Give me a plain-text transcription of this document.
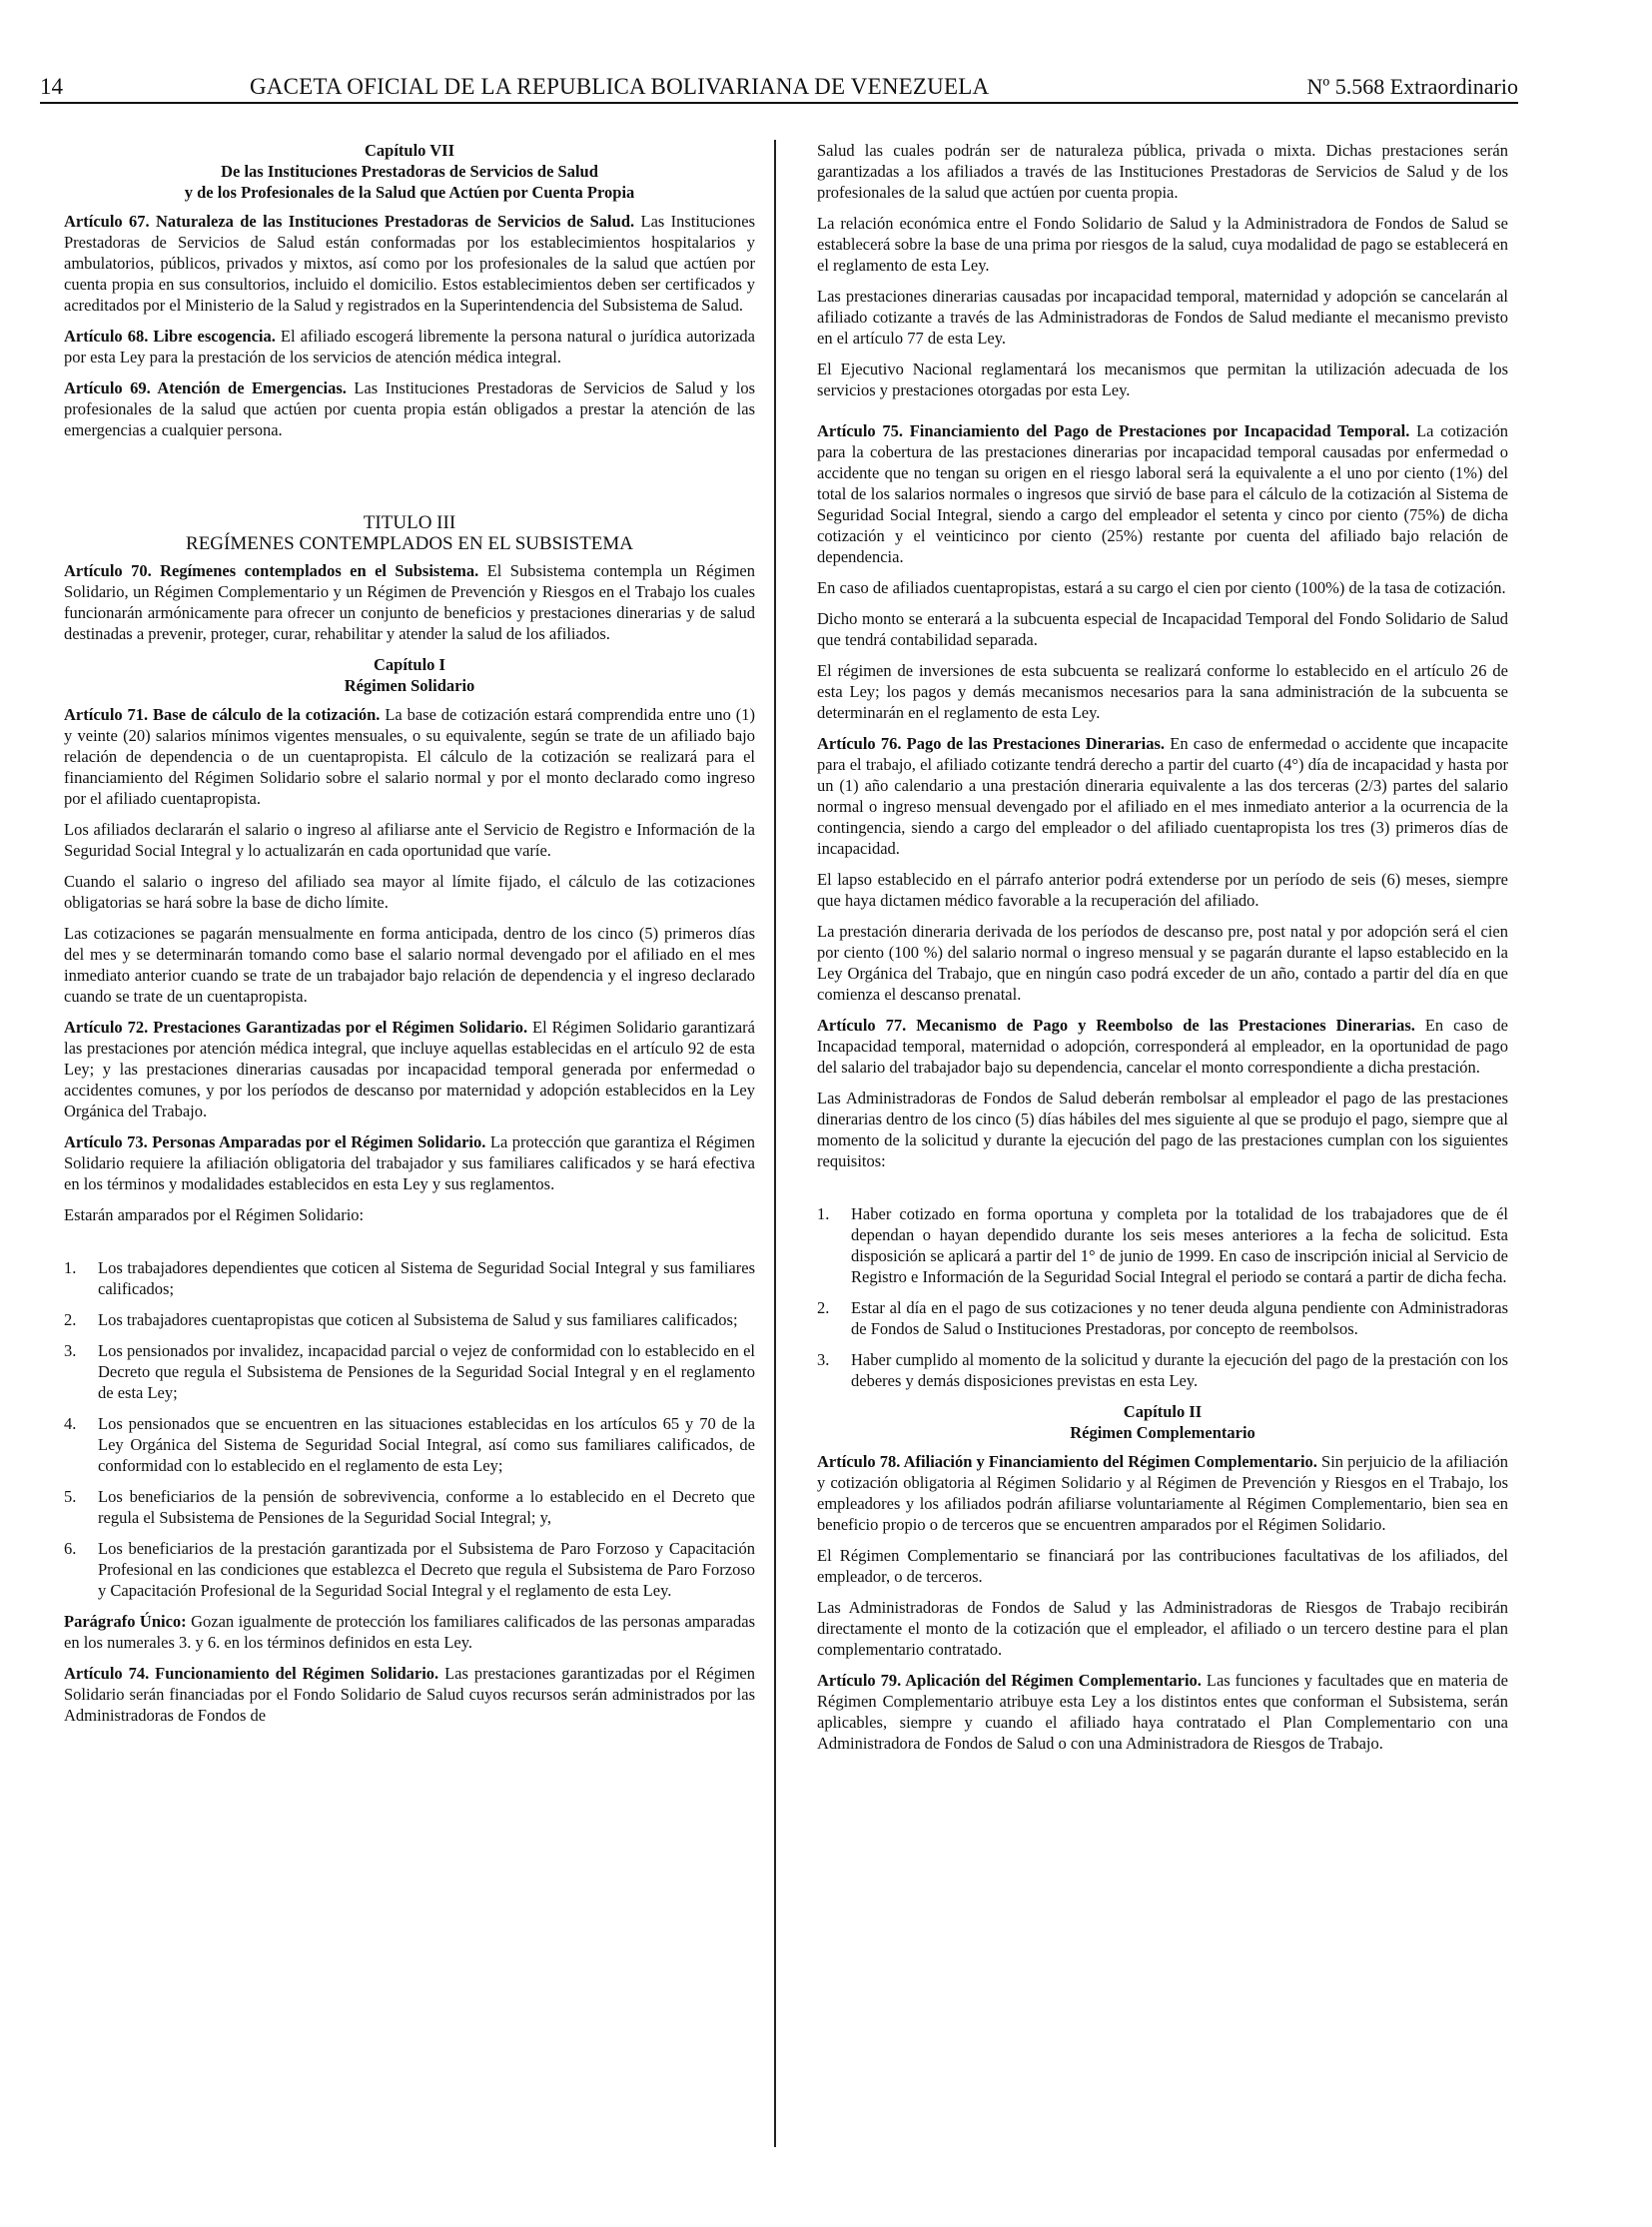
14	GACETA OFICIAL DE LA REPUBLICA BOLIVARIANA DE VENEZUELA	Nº 5.568 Extraordinario

Capítulo VII

De las Instituciones Prestadoras de Servicios de Salud

y de los Profesionales de la Salud que Actúen por Cuenta Propia

Artículo 67. Naturaleza de las Instituciones Prestadoras de Servicios de Salud. Las Instituciones Prestadoras de Servicios de Salud están conformadas por los establecimientos hospitalarios y ambulatorios, públicos, privados y mixtos, así como por los profesionales de la salud que actúen por cuenta propia en sus consultorios, incluido el domicilio. Estos establecimientos deben ser certificados y acreditados por el Ministerio de la Salud y registrados en la Superintendencia del Subsistema de Salud.

Artículo 68. Libre escogencia. El afiliado escogerá libremente la persona natural o jurídica autorizada por esta Ley para la prestación de los servicios de atención médica integral.

Artículo 69. Atención de Emergencias. Las Instituciones Prestadoras de Servicios de Salud y los profesionales de la salud que actúen por cuenta propia están obligados a prestar la atención de las emergencias a cualquier persona.

TITULO III

REGÍMENES CONTEMPLADOS EN EL SUBSISTEMA

Artículo 70. Regímenes contemplados en el Subsistema. El Subsistema contempla un Régimen Solidario, un Régimen Complementario y un Régimen de Prevención y Riesgos en el Trabajo los cuales funcionarán armónicamente para ofrecer un conjunto de beneficios y prestaciones dinerarias y de salud destinadas a prevenir, proteger, curar, rehabilitar y atender la salud de los afiliados.

Capítulo I

Régimen Solidario

Artículo 71. Base de cálculo de la cotización. La base de cotización estará comprendida entre uno (1) y veinte (20) salarios mínimos vigentes mensuales, o su equivalente, según se trate de un afiliado bajo relación de dependencia o de un cuentapropista. El cálculo de la cotización se realizará para el financiamiento del Régimen Solidario sobre el salario normal y por el monto declarado como ingreso por el afiliado cuentapropista.

Los afiliados declararán el salario o ingreso al afiliarse ante el Servicio de Registro e Información de la Seguridad Social Integral y lo actualizarán en cada oportunidad que varíe.

Cuando el salario o ingreso del afiliado sea mayor al límite fijado, el cálculo de las cotizaciones obligatorias se hará sobre la base de dicho límite.

Las cotizaciones se pagarán mensualmente en forma anticipada, dentro de los cinco (5) primeros días del mes y se determinarán tomando como base el salario normal devengado por el afiliado en el mes inmediato anterior cuando se trate de un trabajador bajo relación de dependencia y el ingreso declarado cuando se trate de un cuentapropista.

Artículo 72. Prestaciones Garantizadas por el Régimen Solidario. El Régimen Solidario garantizará las prestaciones por atención médica integral, que incluye aquellas establecidas en el artículo 92 de esta Ley; y las prestaciones dinerarias causadas por incapacidad temporal generada por enfermedad o accidentes comunes, y por los períodos de descanso por maternidad y adopción establecidos en la Ley Orgánica del Trabajo.

Artículo 73. Personas Amparadas por el Régimen Solidario. La protección que garantiza el Régimen Solidario requiere la afiliación obligatoria del trabajador y sus familiares calificados y se hará efectiva en los términos y modalidades establecidos en esta Ley y sus reglamentos.

Estarán amparados por el Régimen Solidario:

1.	Los trabajadores dependientes que coticen al Sistema de Seguridad Social Integral y sus familiares calificados;
2.	Los trabajadores cuentapropistas que coticen al Subsistema de Salud y sus familiares calificados;
3.	Los pensionados por invalidez, incapacidad parcial o vejez de conformidad con lo establecido en el Decreto que regula el Subsistema de Pensiones de la Seguridad Social Integral y en el reglamento de esta Ley;
4.	Los pensionados que se encuentren en las situaciones establecidas en los artículos 65 y 70 de la Ley Orgánica del Sistema de Seguridad Social Integral, así como sus familiares calificados, de conformidad con lo establecido en el reglamento de esta Ley;
5.	Los beneficiarios de la pensión de sobrevivencia, conforme a lo establecido en el Decreto que regula el Subsistema de Pensiones de la Seguridad Social Integral; y,
6.	Los beneficiarios de la prestación garantizada por el Subsistema de Paro Forzoso y Capacitación Profesional en las condiciones que establezca el Decreto que regula el Subsistema de Paro Forzoso y Capacitación Profesional de la Seguridad Social Integral y el reglamento de esta Ley.

Parágrafo Único: Gozan igualmente de protección los familiares calificados de las personas amparadas en los numerales 3. y 6. en los términos definidos en esta Ley.

Artículo 74. Funcionamiento del Régimen Solidario. Las prestaciones garantizadas por el Régimen Solidario serán financiadas por el Fondo Solidario de Salud cuyos recursos serán administrados por las Administradoras de Fondos de

Salud las cuales podrán ser de naturaleza pública, privada o mixta. Dichas prestaciones serán garantizadas a los afiliados a través de las Instituciones Prestadoras de Servicios de Salud y de los profesionales de la salud que actúen por cuenta propia.

La relación económica entre el Fondo Solidario de Salud y la Administradora de Fondos de Salud se establecerá sobre la base de una prima por riesgos de la salud, cuya modalidad de pago se establecerá en el reglamento de esta Ley.

Las prestaciones dinerarias causadas por incapacidad temporal, maternidad y adopción se cancelarán al afiliado cotizante a través de las Administradoras de Fondos de Salud mediante el mecanismo previsto en el artículo 77 de esta Ley.

El Ejecutivo Nacional reglamentará los mecanismos que permitan la utilización adecuada de los servicios y prestaciones otorgadas por esta Ley.

Artículo 75. Financiamiento del Pago de Prestaciones por Incapacidad Temporal. La cotización para la cobertura de las prestaciones dinerarias por incapacidad temporal causadas por enfermedad o accidente que no tengan su origen en el riesgo laboral será la equivalente a el uno por ciento (1%) del total de los salarios normales o ingresos que sirvió de base para el cálculo de la cotización al Sistema de Seguridad Social Integral, siendo a cargo del empleador el setenta y cinco por ciento (75%) de dicha cotización y el veinticinco por ciento (25%) restante por cuenta del afiliado bajo relación de dependencia.

En caso de afiliados cuentapropistas, estará a su cargo el cien por ciento (100%) de la tasa de cotización.

Dicho monto se enterará a la subcuenta especial de Incapacidad Temporal del Fondo Solidario de Salud que tendrá contabilidad separada.

El régimen de inversiones de esta subcuenta se realizará conforme lo establecido en el artículo 26 de esta Ley; los pagos y demás mecanismos necesarios para la sana administración de la subcuenta se determinarán en el reglamento de esta Ley.

Artículo 76. Pago de las Prestaciones Dinerarias. En caso de enfermedad o accidente que incapacite para el trabajo, el afiliado cotizante tendrá derecho a partir del cuarto (4°) día de incapacidad y hasta por un (1) año calendario a una prestación dineraria equivalente a las dos terceras (2/3) partes del salario normal o ingreso mensual devengado por el afiliado en el mes inmediato anterior a la ocurrencia de la contingencia, siendo a cargo del empleador o del afiliado cuentapropista los tres (3) primeros días de incapacidad.

El lapso establecido en el párrafo anterior podrá extenderse por un período de seis (6) meses, siempre que haya dictamen médico favorable a la recuperación del afiliado.

La prestación dineraria derivada de los períodos de descanso pre, post natal y por adopción será el cien por ciento (100 %) del salario normal o ingreso mensual y se pagarán durante el lapso establecido en la Ley Orgánica del Trabajo, que en ningún caso podrá exceder de un año, contado a partir del día en que comienza el descanso prenatal.

Artículo 77. Mecanismo de Pago y Reembolso de las Prestaciones Dinerarias. En caso de Incapacidad temporal, maternidad o adopción, corresponderá al empleador, en la oportunidad de pago del salario del trabajador bajo su dependencia, cancelar el monto correspondiente a dicha prestación.

Las Administradoras de Fondos de Salud deberán rembolsar al empleador el pago de las prestaciones dinerarias dentro de los cinco (5) días hábiles del mes siguiente al que se produjo el pago, siempre que al momento de la solicitud y durante la ejecución del pago de las prestaciones cumplan con los siguientes requisitos:

1.	Haber cotizado en forma oportuna y completa por la totalidad de los trabajadores que de él dependan o hayan dependido durante los seis meses anteriores a la fecha de solicitud. Esta disposición se aplicará a partir del 1° de junio de 1999. En caso de inscripción inicial al Servicio de Registro e Información de la Seguridad Social Integral el periodo se contará a partir de dicha fecha.
2.	Estar al día en el pago de sus cotizaciones y no tener deuda alguna pendiente con Administradoras de Fondos de Salud o Instituciones Prestadoras, por concepto de reembolsos.
3.	Haber cumplido al momento de la solicitud y durante la ejecución del pago de la prestación con los deberes y demás disposiciones previstas en esta Ley.

Capítulo II

Régimen Complementario

Artículo 78. Afiliación y Financiamiento del Régimen Complementario. Sin perjuicio de la afiliación y cotización obligatoria al Régimen Solidario y al Régimen de Prevención y Riesgos en el Trabajo, los empleadores y los afiliados podrán afiliarse voluntariamente al Régimen Complementario, bien sea en beneficio propio o de terceros que se encuentren amparados por el Régimen Solidario.

El Régimen Complementario se financiará por las contribuciones facultativas de los afiliados, del empleador, o de terceros.

Las Administradoras de Fondos de Salud y las Administradoras de Riesgos de Trabajo recibirán directamente el monto de la cotización que el empleador, el afiliado o un tercero destine para el plan complementario contratado.

Artículo 79. Aplicación del Régimen Complementario. Las funciones y facultades que en materia de Régimen Complementario atribuye esta Ley a los distintos entes que conforman el Subsistema, serán aplicables, siempre y cuando el afiliado haya contratado el Plan Complementario con una Administradora de Fondos de Salud o con una Administradora de Riesgos de Trabajo.
